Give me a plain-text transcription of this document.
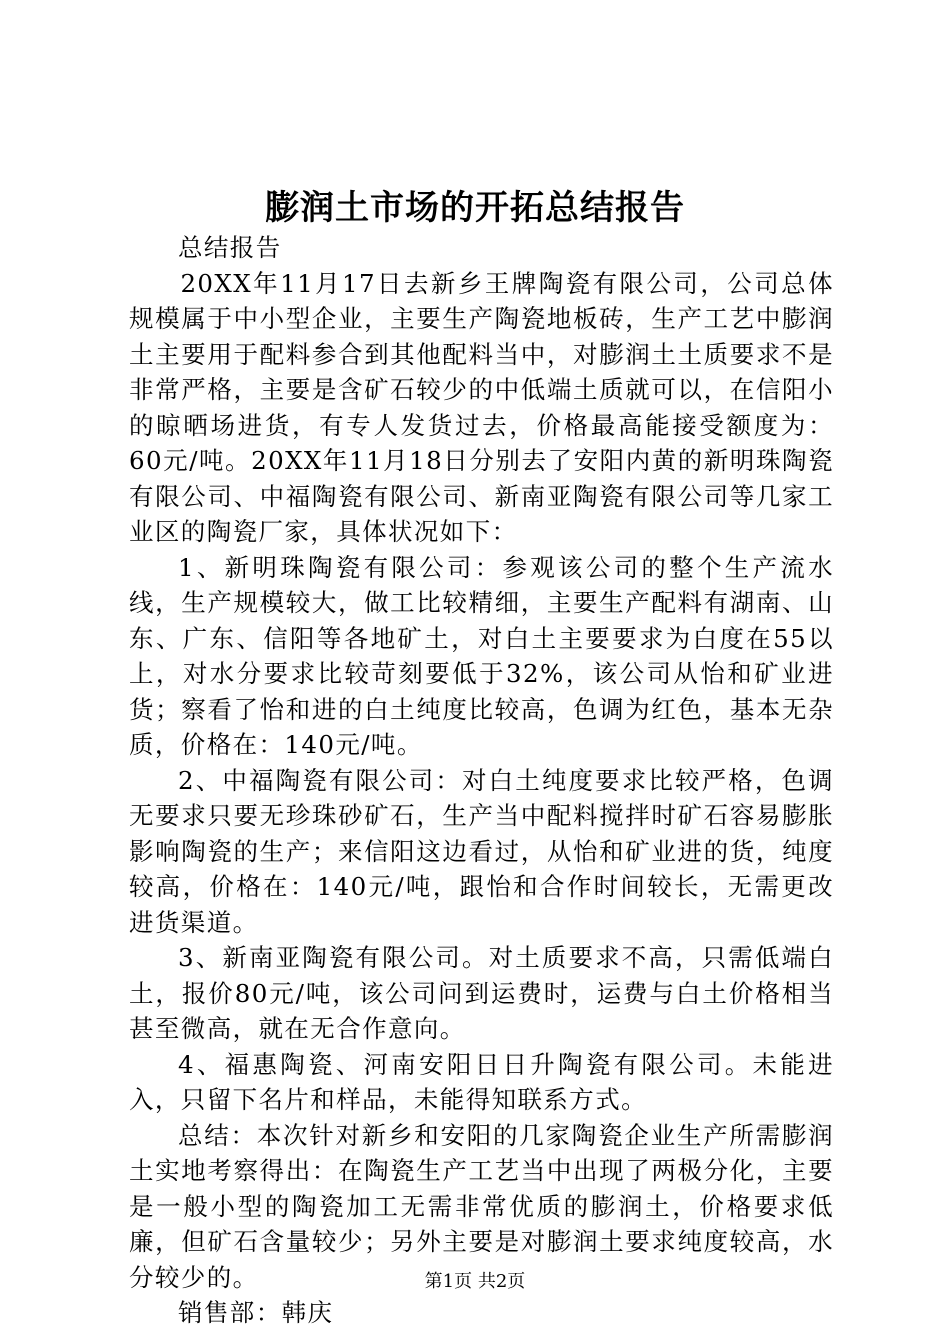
膨润土市场的开拓总结报告

总结报告

20XX年11月17日去新乡王牌陶瓷有限公司，公司总体规模属于中小型企业，主要生产陶瓷地板砖，生产工艺中膨润土主要用于配料参合到其他配料当中，对膨润土土质要求不是非常严格，主要是含矿石较少的中低端土质就可以，在信阳小的晾晒场进货，有专人发货过去，价格最高能接受额度为：60元/吨。20XX年11月18日分别去了安阳内黄的新明珠陶瓷有限公司、中福陶瓷有限公司、新南亚陶瓷有限公司等几家工业区的陶瓷厂家，具体状况如下：

1、新明珠陶瓷有限公司：参观该公司的整个生产流水线，生产规模较大，做工比较精细，主要生产配料有湖南、山东、广东、信阳等各地矿土，对白土主要要求为白度在55以上，对水分要求比较苛刻要低于32%，该公司从怡和矿业进货；察看了怡和进的白土纯度比较高，色调为红色，基本无杂质，价格在：140元/吨。

2、中福陶瓷有限公司：对白土纯度要求比较严格，色调无要求只要无珍珠砂矿石，生产当中配料搅拌时矿石容易膨胀影响陶瓷的生产；来信阳这边看过，从怡和矿业进的货，纯度较高，价格在：140元/吨，跟怡和合作时间较长，无需更改进货渠道。

3、新南亚陶瓷有限公司。对土质要求不高，只需低端白土，报价80元/吨，该公司问到运费时，运费与白土价格相当甚至微高，就在无合作意向。

4、福惠陶瓷、河南安阳日日升陶瓷有限公司。未能进入，只留下名片和样品，未能得知联系方式。

总结：本次针对新乡和安阳的几家陶瓷企业生产所需膨润土实地考察得出：在陶瓷生产工艺当中出现了两极分化，主要是一般小型的陶瓷加工无需非常优质的膨润土，价格要求低廉，但矿石含量较少；另外主要是对膨润土要求纯度较高，水分较少的。

销售部：韩庆

第1页 共2页
